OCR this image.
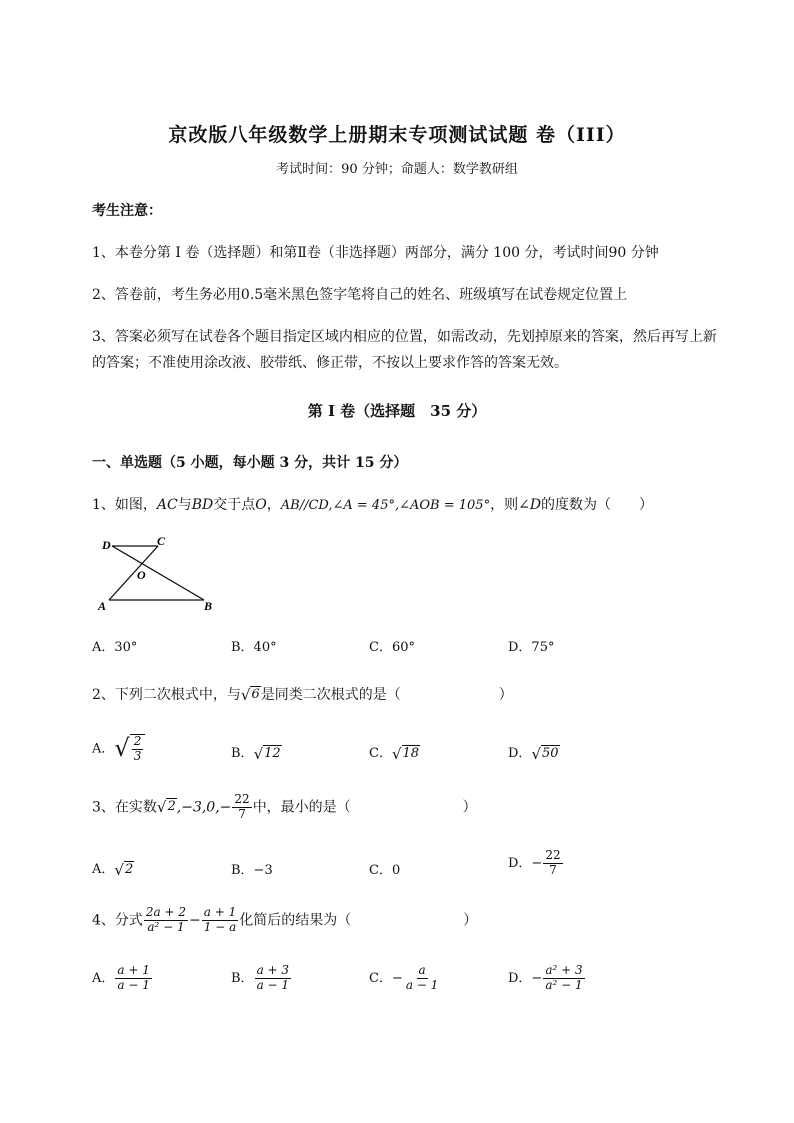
京改版八年级数学上册期末专项测试试题 卷（III）
考试时间：90 分钟；命题人：数学教研组
考生注意：
1、本卷分第 I 卷（选择题）和第Ⅱ卷（非选择题）两部分，满分 100 分，考试时间90 分钟
2、答卷前，考生务必用0.5毫米黑色签字笔将自己的姓名、班级填写在试卷规定位置上
3、答案必须写在试卷各个题目指定区域内相应的位置，如需改动，先划掉原来的答案，然后再写上新
的答案；不准使用涂改液、胶带纸、修正带，不按以上要求作答的答案无效。
第 I 卷（选择题　35 分）
一、单选题（5 小题，每小题 3 分，共计 15 分）
1、如图，AC与BD交于点O，AB//CD,∠A = 45°,∠AOB = 105°，则∠D的度数为（　　）
D	C
O
A	B
A．30°	B．40°	C．60°	D．75°
2、下列二次根式中，与 √ 6 是同类二次根式的是（　　　　　　　）
A． √ $\frac{2}{3}$	B． √ 12	C． √ 18	D． √ 50
3、在实数 √ 2 $,-3,0,- \frac{22}{7}$ 中，最小的是（　　　　　　　　）
A． √ 2	B．−3	C．0	D．− $\frac{22}{7}$
4、分式 $\frac{2a + 2}{\text{a² − 1}} - \frac{a + 1}{1 - a}$ 化简后的结果为（　　　　　　　　）
A． $\frac{a + 1}{a - 1}$	B． $\frac{a + 3}{a - 1}$	C．− $\frac{a}{a - 1}$	D．− $\frac{\text{a² + 3}}{\text{a² − 1}}$
